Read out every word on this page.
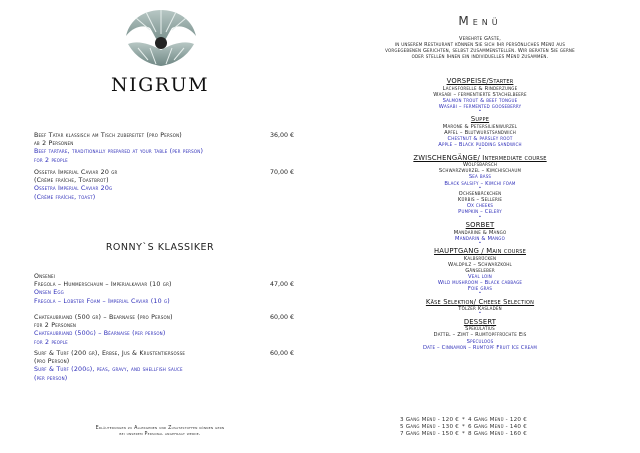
NIGRUM
Beef Tatar klassisch am Tisch zubereitet (pro Person)	36,00 €
ab 2 Personen
Beef tartare, traditionally prepared at your table (per person)
for 2 people
Ossetra Imperial Caviar 20 gr	70,00 €
(Crème fraîche, Toastbrot)
Ossetra Imperial Caviar 20g
(Crème fraîche, toast)
RONNY`S KLASSIKER
Onsenei
Fregola – Hummerschaum – Imperialkaviar (10 gr)	47,00 €
Onsen Egg
Fregola – Lobster Foam – Imperial Caviar (10 g)
Chateaubriand (500 gr) – Bearnaise (pro Person)	60,00 €
für 2 Personen
Chateaubriand (500g) – Béarnaise (per person)
for 2 people
Surf & Turf (200 gr), Erbse, Jus & Krustentiersosse	60,00 €
(pro Person)
Surf & Turf (200g), peas, gravy, and shellfish sauce
(per person)
Erläuterungen zu Allergenen und Zusatzstoffen können gern
bei unserem Personal angefragt werde.
Menü
Verehrte Gäste,
in unserem Restaurant können Sie sich Ihr persönliches Menü aus
vorgegebenen Gerichten, selbst zusammenstellen. Wir beraten Sie gerne
oder stellen Ihnen ein individuelles Menü zusammen.
VORSPEISE/Starter
Lachsforelle & Rinderzunge
Wasabi – fermentierte Stachelbeere
Salmon trout & beef tongue
Wasabi – fermented gooseberry
•
Suppe
Marone & Petersilienwurzel
Apfel – Blutwurstsandwich
Chestnut & parsley root
Apple – Black pudding sandwich
•
ZWISCHENGÄNGE/ Intermediate course
Wolfsbarsch
Schwarzwurzel – Kimchischaum
Sea bass
Black salsify – Kimchi foam
•
Ochsenbäckchen
Kürbis – Sellerie
Ox cheeks
Pumpkin – Celery
•
SORBET
Mandarine & Mango
Mandarin & Mango
•
HAUPTGANG / Main course
Kalbsrücken
Waldpilz – Schwarzkohl
Gänseleber
Veal loin
Wild mushroom – Black cabbage
Foie gras
•
Käse Selektion/ Cheese Selection
Tölzer Kasladen
•
DESSERT
Spekulatius
Dattel – Zimt – Rumtopffrüchte Eis
Speculoos
Date – Cinnamon – Rumtopf Fruit Ice Cream
3 Gang Menü - 120 € * 4 Gang Menü - 120 €
5 Gang Menü - 130 € * 6 Gang Menü - 140 €
7 Gang Menü - 150 € * 8 Gang Menü - 160 €
